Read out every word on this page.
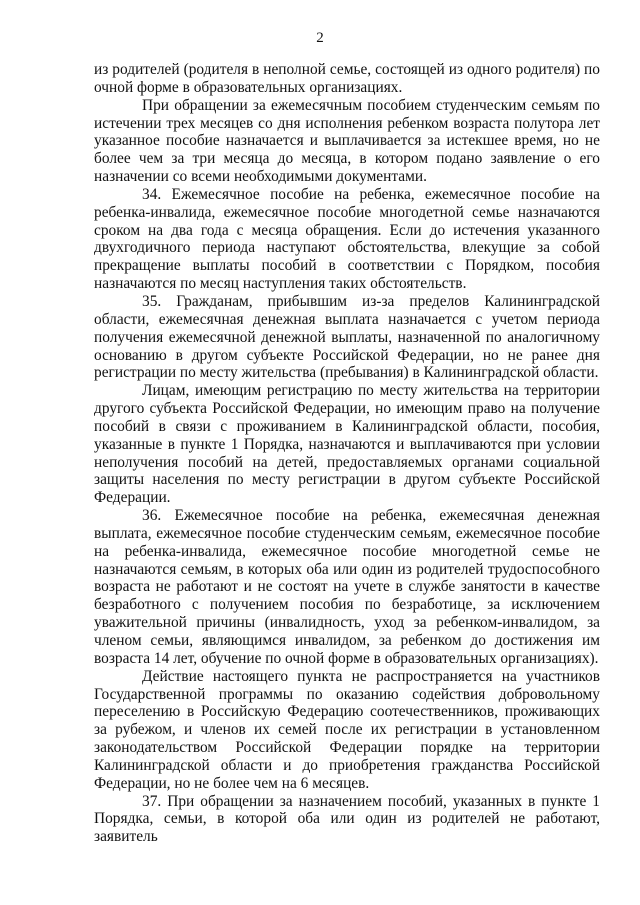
2

из родителей (родителя в неполной семье, состоящей из одного родителя) по очной форме в образовательных организациях.

При обращении за ежемесячным пособием студенческим семьям по истечении трех месяцев со дня исполнения ребенком возраста полутора лет указанное пособие назначается и выплачивается за истекшее время, но не более чем за три месяца до месяца, в котором подано заявление о его назначении со всеми необходимыми документами.

34. Ежемесячное пособие на ребенка, ежемесячное пособие на ребенка-инвалида, ежемесячное пособие многодетной семье назначаются сроком на два года с месяца обращения. Если до истечения указанного двухгодичного периода наступают обстоятельства, влекущие за собой прекращение выплаты пособий в соответствии с Порядком, пособия назначаются по месяц наступления таких обстоятельств.

35. Гражданам, прибывшим из-за пределов Калининградской области, ежемесячная денежная выплата назначается с учетом периода получения ежемесячной денежной выплаты, назначенной по аналогичному основанию в другом субъекте Российской Федерации, но не ранее дня регистрации по месту жительства (пребывания) в Калининградской области.

Лицам, имеющим регистрацию по месту жительства на территории другого субъекта Российской Федерации, но имеющим право на получение пособий в связи с проживанием в Калининградской области, пособия, указанные в пункте 1 Порядка, назначаются и выплачиваются при условии неполучения пособий на детей, предоставляемых органами социальной защиты населения по месту регистрации в другом субъекте Российской Федерации.

36. Ежемесячное пособие на ребенка, ежемесячная денежная выплата, ежемесячное пособие студенческим семьям, ежемесячное пособие на ребенка-инвалида, ежемесячное пособие многодетной семье не назначаются семьям, в которых оба или один из родителей трудоспособного возраста не работают и не состоят на учете в службе занятости в качестве безработного с получением пособия по безработице, за исключением уважительной причины (инвалидность, уход за ребенком-инвалидом, за членом семьи, являющимся инвалидом, за ребенком до достижения им возраста 14 лет, обучение по очной форме в образовательных организациях).

Действие настоящего пункта не распространяется на участников Государственной программы по оказанию содействия добровольному переселению в Российскую Федерацию соотечественников, проживающих за рубежом, и членов их семей после их регистрации в установленном законодательством Российской Федерации порядке на территории Калининградской области и до приобретения гражданства Российской Федерации, но не более чем на 6 месяцев.

37. При обращении за назначением пособий, указанных в пункте 1 Порядка, семьи, в которой оба или один из родителей не работают, заявитель
